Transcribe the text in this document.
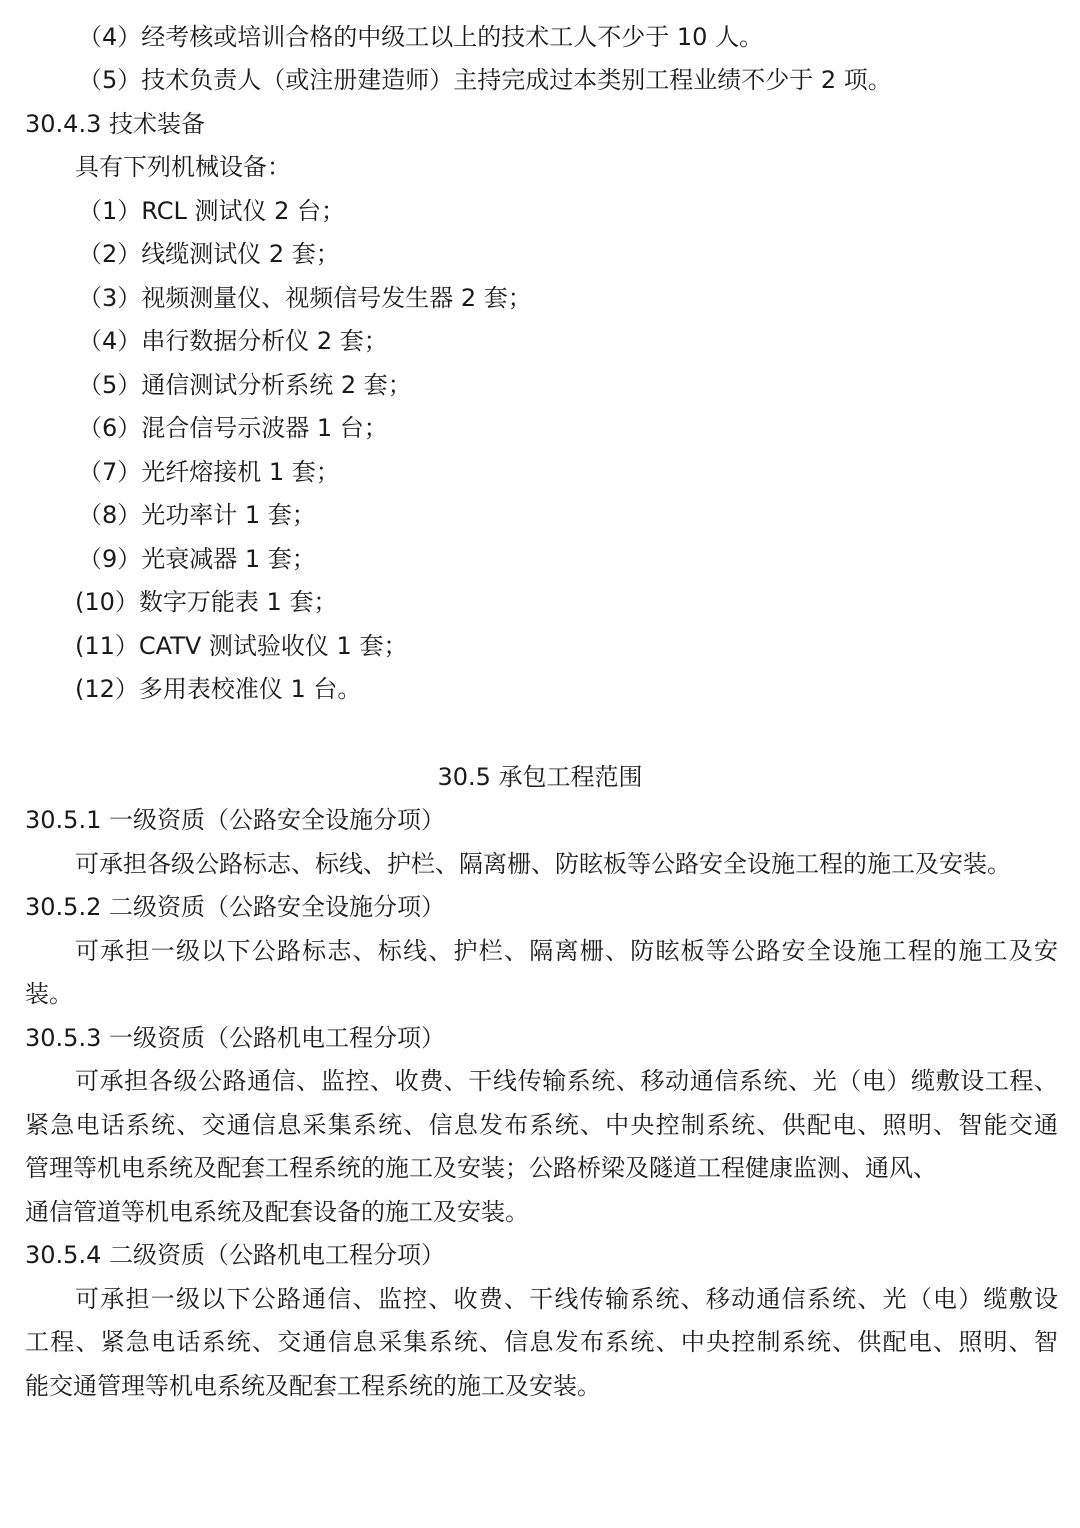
（4）经考核或培训合格的中级工以上的技术工人不少于 10 人。
（5）技术负责人（或注册建造师）主持完成过本类别工程业绩不少于 2 项。
30.4.3 技术装备
具有下列机械设备：
（1）RCL 测试仪 2 台；
（2）线缆测试仪 2 套；
（3）视频测量仪、视频信号发生器 2 套；
（4）串行数据分析仪 2 套；
（5）通信测试分析系统 2 套；
（6）混合信号示波器 1 台；
（7）光纤熔接机 1 套；
（8）光功率计 1 套；
（9）光衰减器 1 套；
(10）数字万能表 1 套；
(11）CATV 测试验收仪 1 套；
(12）多用表校准仪 1 台。
30.5 承包工程范围
30.5.1 一级资质（公路安全设施分项）
可承担各级公路标志、标线、护栏、隔离栅、防眩板等公路安全设施工程的施工及安装。
30.5.2 二级资质（公路安全设施分项）
可承担一级以下公路标志、标线、护栏、隔离栅、防眩板等公路安全设施工程的施工及安
装。
30.5.3 一级资质（公路机电工程分项）
可承担各级公路通信、监控、收费、干线传输系统、移动通信系统、光（电）缆敷设工程、
紧急电话系统、交通信息采集系统、信息发布系统、中央控制系统、供配电、照明、智能交通
管理等机电系统及配套工程系统的施工及安装；公路桥梁及隧道工程健康监测、通风、
通信管道等机电系统及配套设备的施工及安装。
30.5.4 二级资质（公路机电工程分项）
可承担一级以下公路通信、监控、收费、干线传输系统、移动通信系统、光（电）缆敷设
工程、紧急电话系统、交通信息采集系统、信息发布系统、中央控制系统、供配电、照明、智
能交通管理等机电系统及配套工程系统的施工及安装。
